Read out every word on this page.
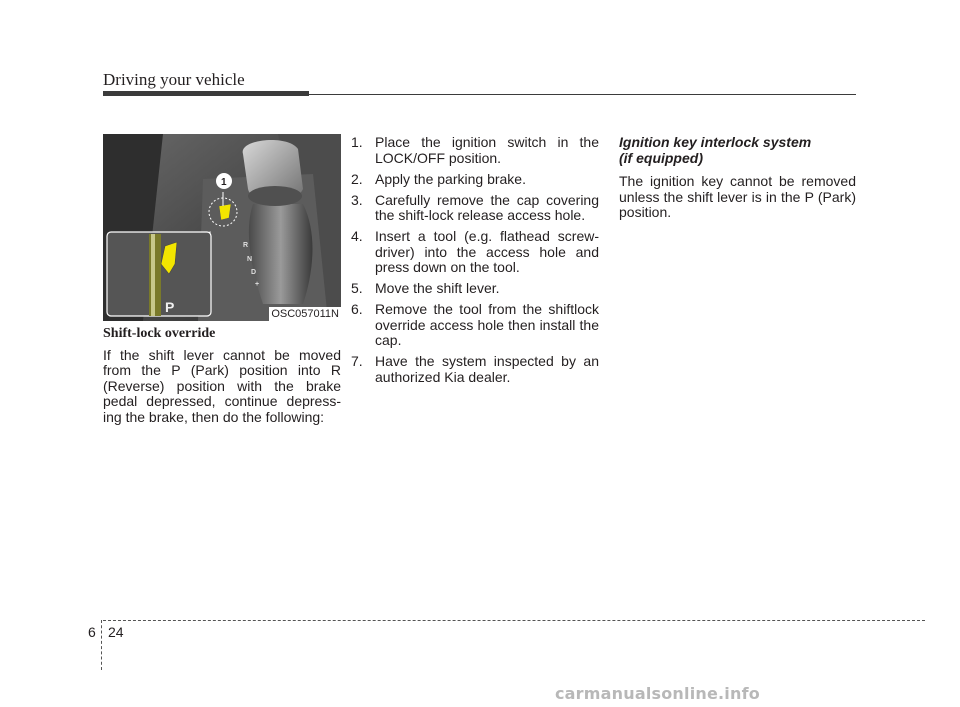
Driving your vehicle
R
N
D
+
1
P	OSC057011N
Shift-lock override
If the shift lever cannot be moved from the P (Park) position into R (Reverse) position with the brake pedal depressed, continue depress-ing the brake, then do the following:
1. Place the ignition switch in the LOCK/OFF position.
2. Apply the parking brake.
3. Carefully remove the cap covering the shift-lock release access hole.
4. Insert a tool (e.g. flathead screw-driver) into the access hole and press down on the tool.
5. Move the shift lever.
6. Remove the tool from the shiftlock override access hole then install the cap.
7. Have the system inspected by an authorized Kia dealer.
Ignition key interlock system
(if equipped)
The ignition key cannot be removed unless the shift lever is in the P (Park) position.
6 24
carmanualsonline.info
